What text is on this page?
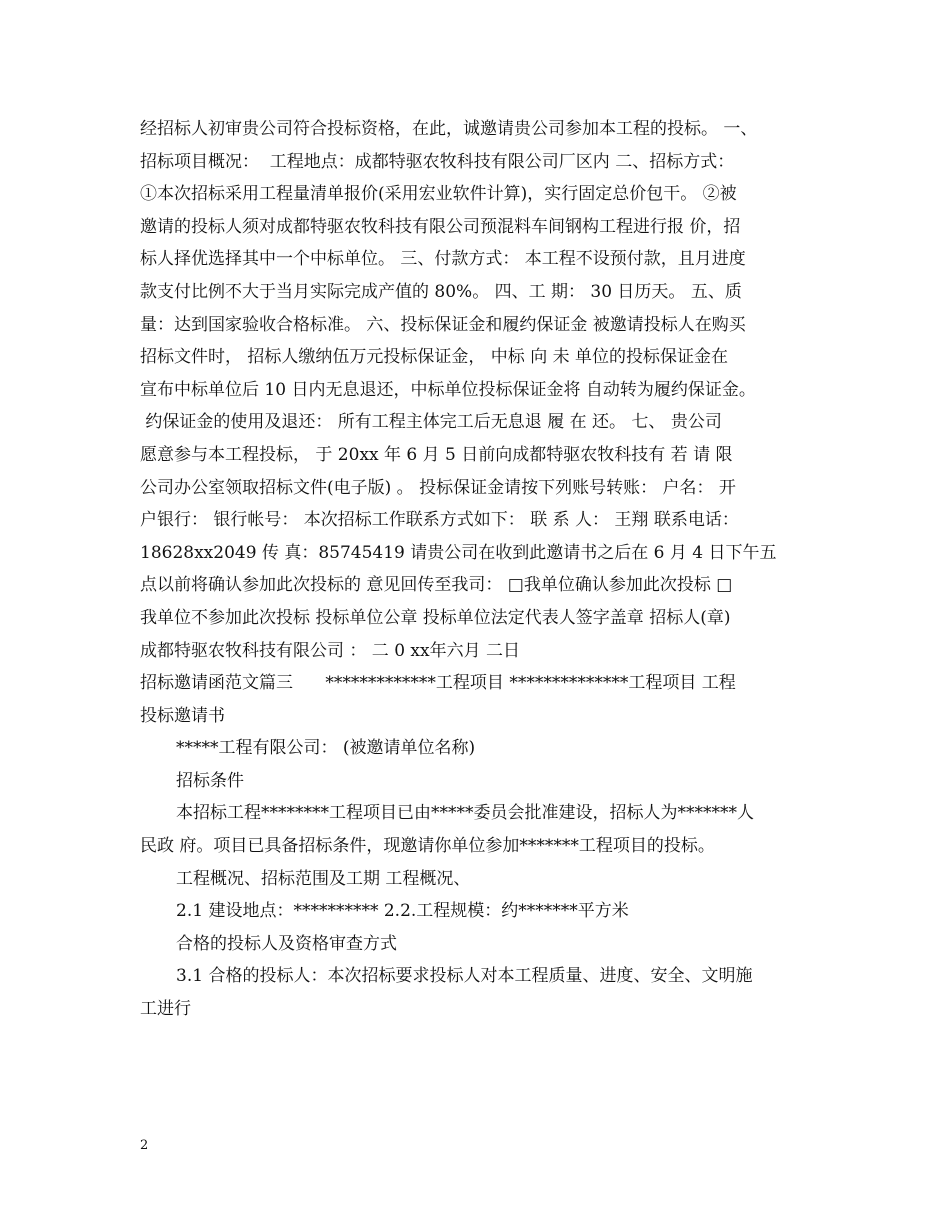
经招标人初审贵公司符合投标资格，在此，诚邀请贵公司参加本工程的投标。 一、
招标项目概况：  工程地点：成都特驱农牧科技有限公司厂区内 二、招标方式：
①本次招标采用工程量清单报价(采用宏业软件计算)，实行固定总价包干。 ②被
邀请的投标人须对成都特驱农牧科技有限公司预混料车间钢构工程进行报 价，招
标人择优选择其中一个中标单位。 三、付款方式： 本工程不设预付款，且月进度
款支付比例不大于当月实际完成产值的 80%。 四、工 期： 30 日历天。 五、质
量：达到国家验收合格标准。 六、投标保证金和履约保证金 被邀请投标人在购买
招标文件时， 招标人缴纳伍万元投标保证金， 中标 向 未 单位的投标保证金在
宣布中标单位后 10 日内无息退还，中标单位投标保证金将 自动转为履约保证金。
约保证金的使用及退还： 所有工程主体完工后无息退 履 在 还。 七、 贵公司
愿意参与本工程投标， 于 20xx 年 6 月 5 日前向成都特驱农牧科技有 若 请 限
公司办公室领取招标文件(电子版) 。 投标保证金请按下列账号转账： 户名： 开
户银行： 银行帐号： 本次招标工作联系方式如下： 联 系 人： 王翔 联系电话：
18628xx2049 传 真：85745419 请贵公司在收到此邀请书之后在 6 月 4 日下午五
点以前将确认参加此次投标的 意见回传至我司： □我单位确认参加此次投标 □
我单位不参加此次投标 投标单位公章 投标单位法定代表人签字盖章 招标人(章)
成都特驱农牧科技有限公司 ： 二 0 xx年六月 二日
招标邀请函范文篇三      *************工程项目 **************工程项目 工程
投标邀请书
*****工程有限公司： (被邀请单位名称)
招标条件
本招标工程********工程项目已由*****委员会批准建设，招标人为*******人
民政 府。项目已具备招标条件，现邀请你单位参加*******工程项目的投标。
工程概况、招标范围及工期 工程概况、
2.1 建设地点：********** 2.2.工程规模：约*******平方米
合格的投标人及资格审查方式
3.1 合格的投标人：本次招标要求投标人对本工程质量、进度、安全、文明施
工进行
2
